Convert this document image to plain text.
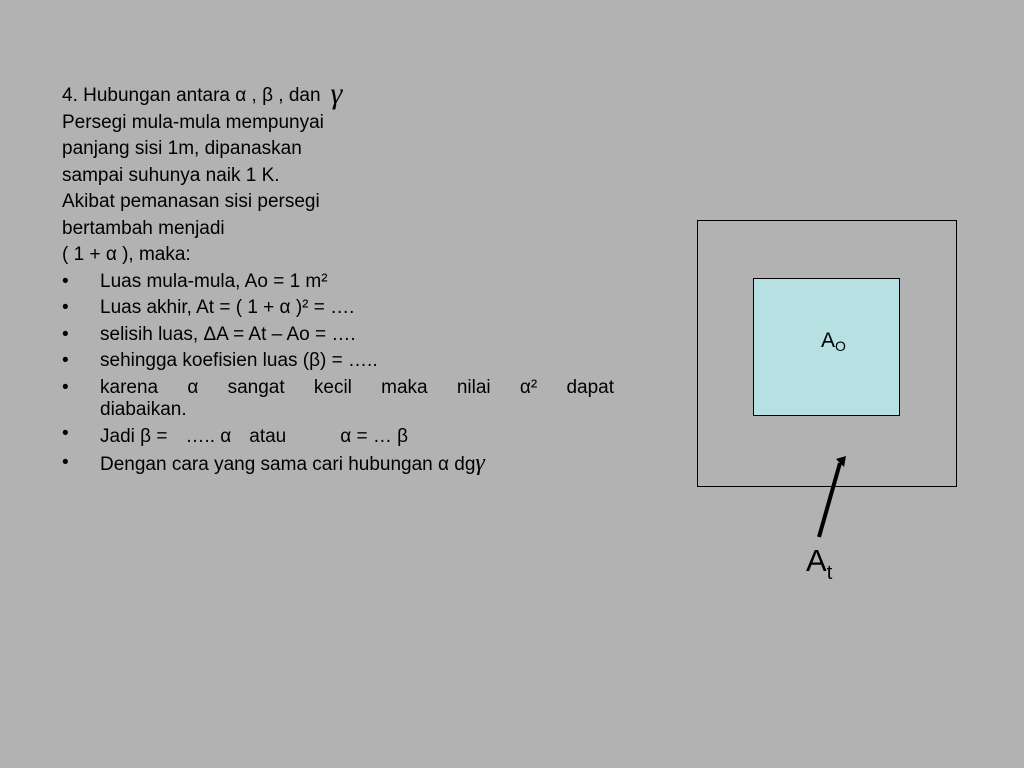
4. Hubungan antara α , β , dan γ
Persegi mula-mula mempunyai
panjang sisi 1m, dipanaskan
sampai suhunya naik 1 K.
Akibat pemanasan sisi persegi
bertambah menjadi
( 1 + α ), maka:
• Luas mula-mula, Ao = 1 m²
• Luas akhir, At = ( 1 + α )² = ….
• selisih luas, ΔA = At – Ao = ….
• sehingga koefisien luas (β) = …..
• karena α sangat kecil maka nilai α² dapat
diabaikan.
• Jadi β = ….. α atau	α = … β
• Dengan cara yang sama cari hubungan α dgγ
$A_O$
$A_t$
